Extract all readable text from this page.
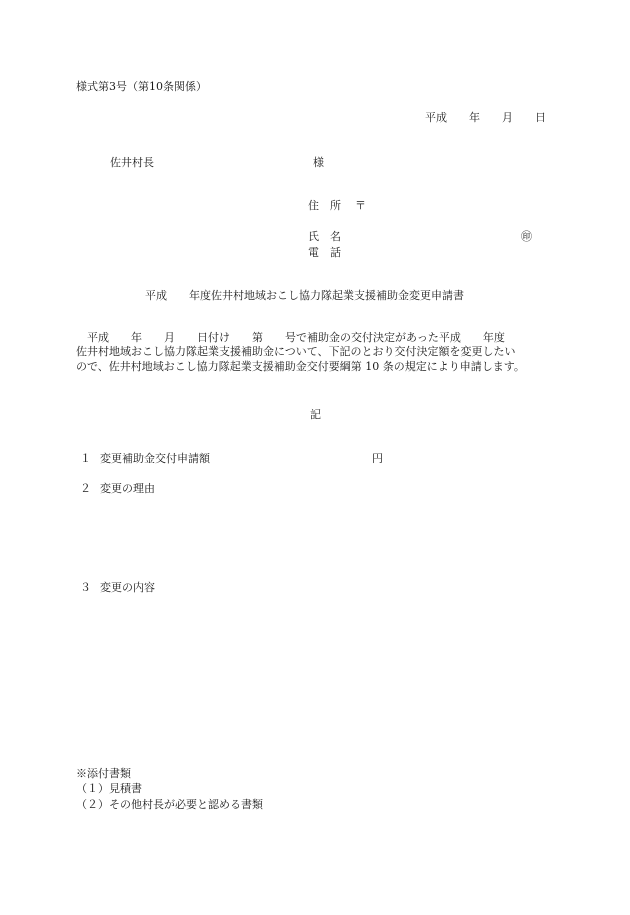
様式第3号（第10条関係）
平成　　年　　月　　日
佐井村長	様
住　所 〒
氏　名	㊞
電　話
平成　　年度佐井村地域おこし協力隊起業支援補助金変更申請書
　平成　　年　　月　　日付け　　第　　号で補助金の交付決定があった平成　　年度
佐井村地域おこし協力隊起業支援補助金について、下記のとおり交付決定額を変更したい
ので、佐井村地域おこし協力隊起業支援補助金交付要綱第 10 条の規定により申請します。
記
１ 変更補助金交付申請額	円
２ 変更の理由
３ 変更の内容
※添付書類
（１）見積書
（２）その他村長が必要と認める書類
